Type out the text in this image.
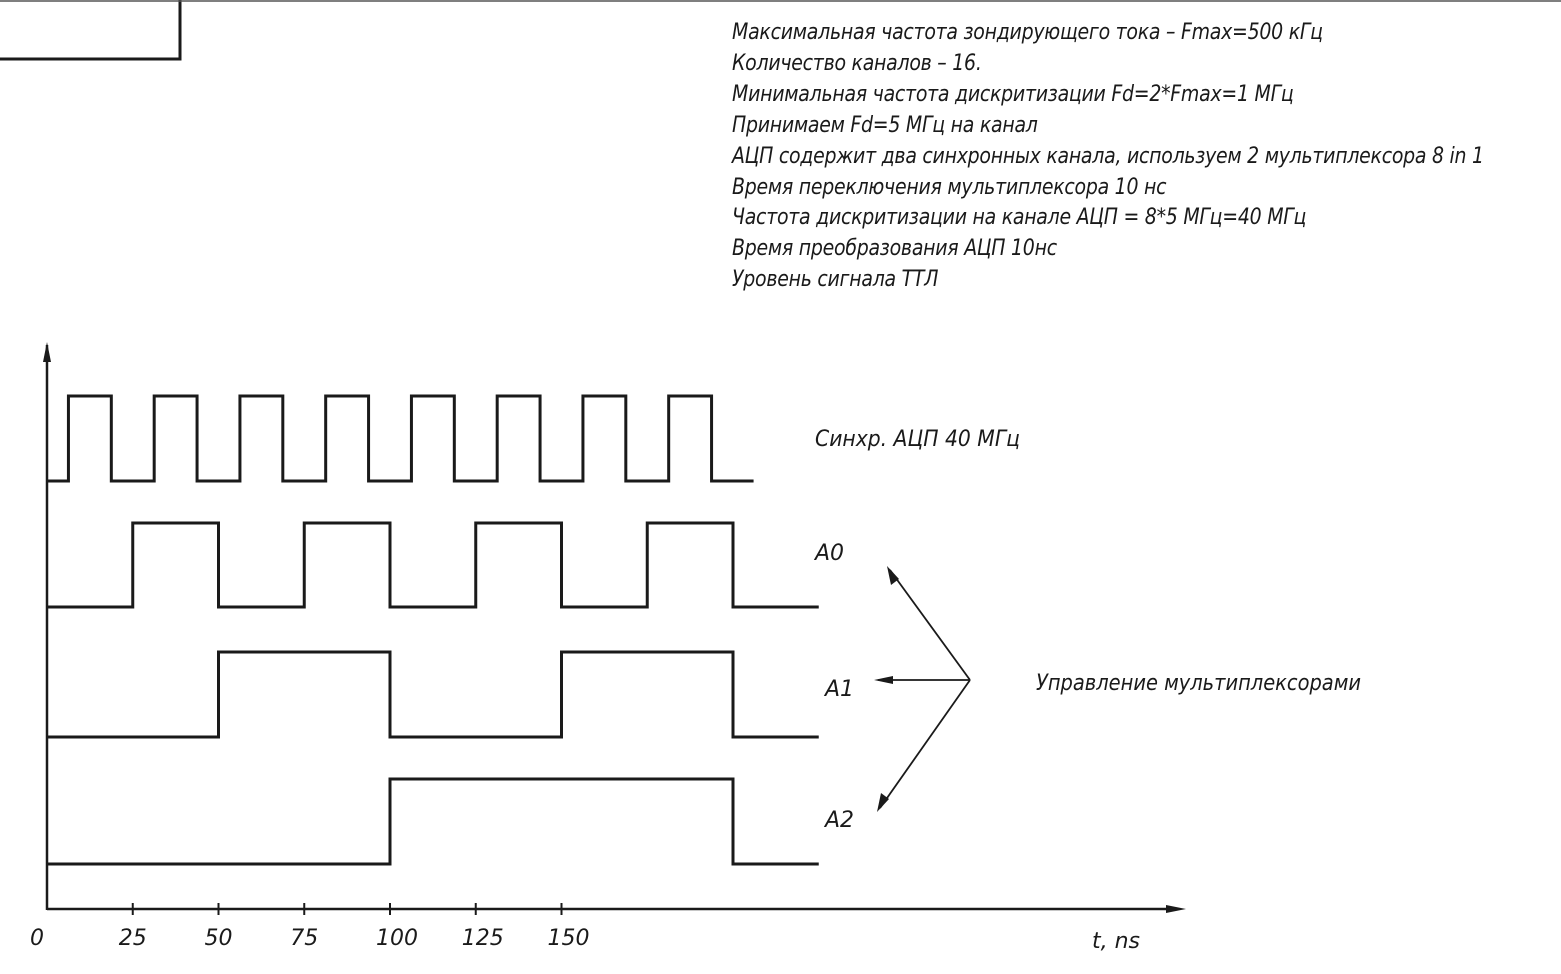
0	25	50	75	100 125 150
Синхр. АЦП 40 МГц
A0
A1
A2
t, ns
Управление мультиплексорами
Максимальная частота зондирующего тока – Fmax=500 кГц
Количество каналов – 16.
Минимальная частота дискритизации Fd=2*Fmax=1 МГц
Принимаем Fd=5 МГц на канал
АЦП содержит два синхронных канала, используем 2 мультиплексора 8 in 1
Время переключения мультиплексора 10 нс
Частота дискритизации на канале АЦП = 8*5 МГц=40 МГц
Время преобразования АЦП 10нс
Уровень сигнала ТТЛ
